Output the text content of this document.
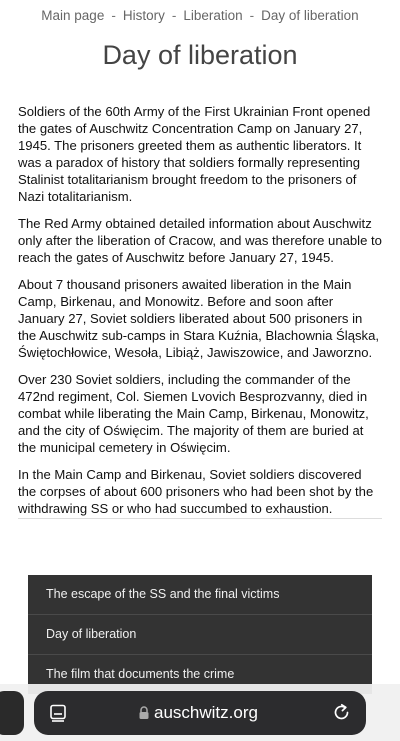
Main page - History - Liberation - Day of liberation
Day of liberation

Soldiers of the 60th Army of the First Ukrainian Front opened the gates of Auschwitz Concentration Camp on January 27, 1945. The prisoners greeted them as authentic liberators. It was a paradox of history that soldiers formally representing Stalinist totalitarianism brought freedom to the prisoners of Nazi totalitarianism.

The Red Army obtained detailed information about Auschwitz only after the liberation of Cracow, and was therefore unable to reach the gates of Auschwitz before January 27, 1945.

About 7 thousand prisoners awaited liberation in the Main Camp, Birkenau, and Monowitz. Before and soon after January 27, Soviet soldiers liberated about 500 prisoners in the Auschwitz sub-camps in Stara Kuźnia, Blachownia Śląska, Świętochłowice, Wesoła, Libiąż, Jawiszowice, and Jaworzno.

Over 230 Soviet soldiers, including the commander of the 472nd regiment, Col. Siemen Lvovich Besprozvanny, died in combat while liberating the Main Camp, Birkenau, Monowitz, and the city of Oświęcim. The majority of them are buried at the municipal cemetery in Oświęcim.

In the Main Camp and Birkenau, Soviet soldiers discovered the corpses of about 600 prisoners who had been shot by the withdrawing SS or who had succumbed to exhaustion.

The escape of the SS and the final victims
Day of liberation
The film that documents the crime
auschwitz.org
